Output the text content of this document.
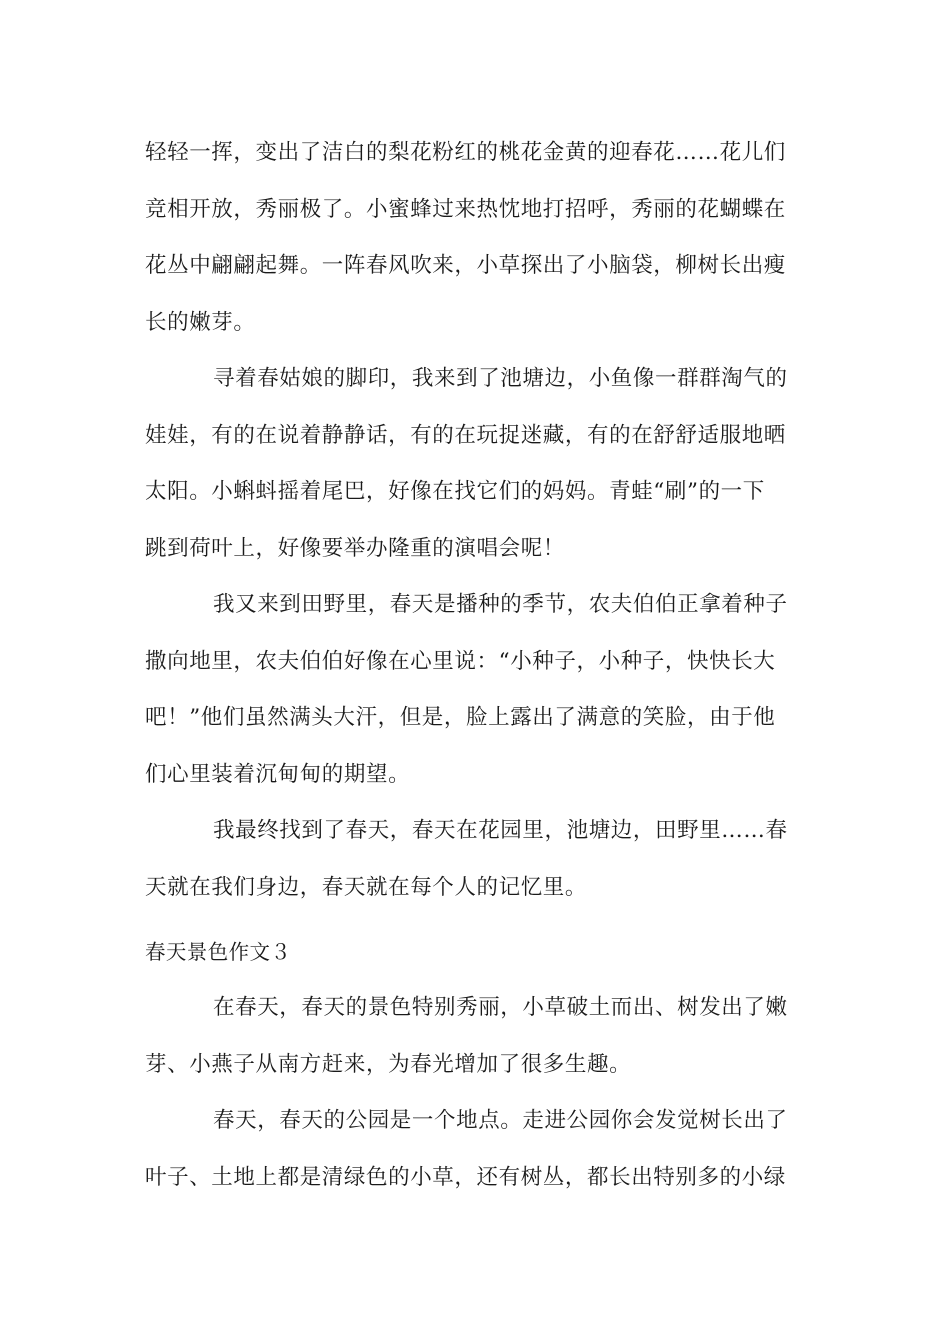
轻轻一挥，变出了洁白的梨花粉红的桃花金黄的迎春花……花儿们
竞相开放，秀丽极了。小蜜蜂过来热忱地打招呼，秀丽的花蝴蝶在
花丛中翩翩起舞。一阵春风吹来，小草探出了小脑袋，柳树长出瘦
长的嫩芽。
寻着春姑娘的脚印，我来到了池塘边，小鱼像一群群淘气的
娃娃，有的在说着静静话，有的在玩捉迷藏，有的在舒舒适服地晒
太阳。小蝌蚪摇着尾巴，好像在找它们的妈妈。青蛙“刷”的一下
跳到荷叶上，好像要举办隆重的演唱会呢！
我又来到田野里，春天是播种的季节，农夫伯伯正拿着种子
撒向地里，农夫伯伯好像在心里说：“小种子，小种子，快快长大
吧！”他们虽然满头大汗，但是，脸上露出了满意的笑脸，由于他
们心里装着沉甸甸的期望。
我最终找到了春天，春天在花园里，池塘边，田野里……春
天就在我们身边，春天就在每个人的记忆里。
春天景色作文３
在春天，春天的景色特别秀丽，小草破土而出、树发出了嫩
芽、小燕子从南方赶来，为春光增加了很多生趣。
春天，春天的公园是一个地点。走进公园你会发觉树长出了
叶子、土地上都是清绿色的小草，还有树丛，都长出特别多的小绿
